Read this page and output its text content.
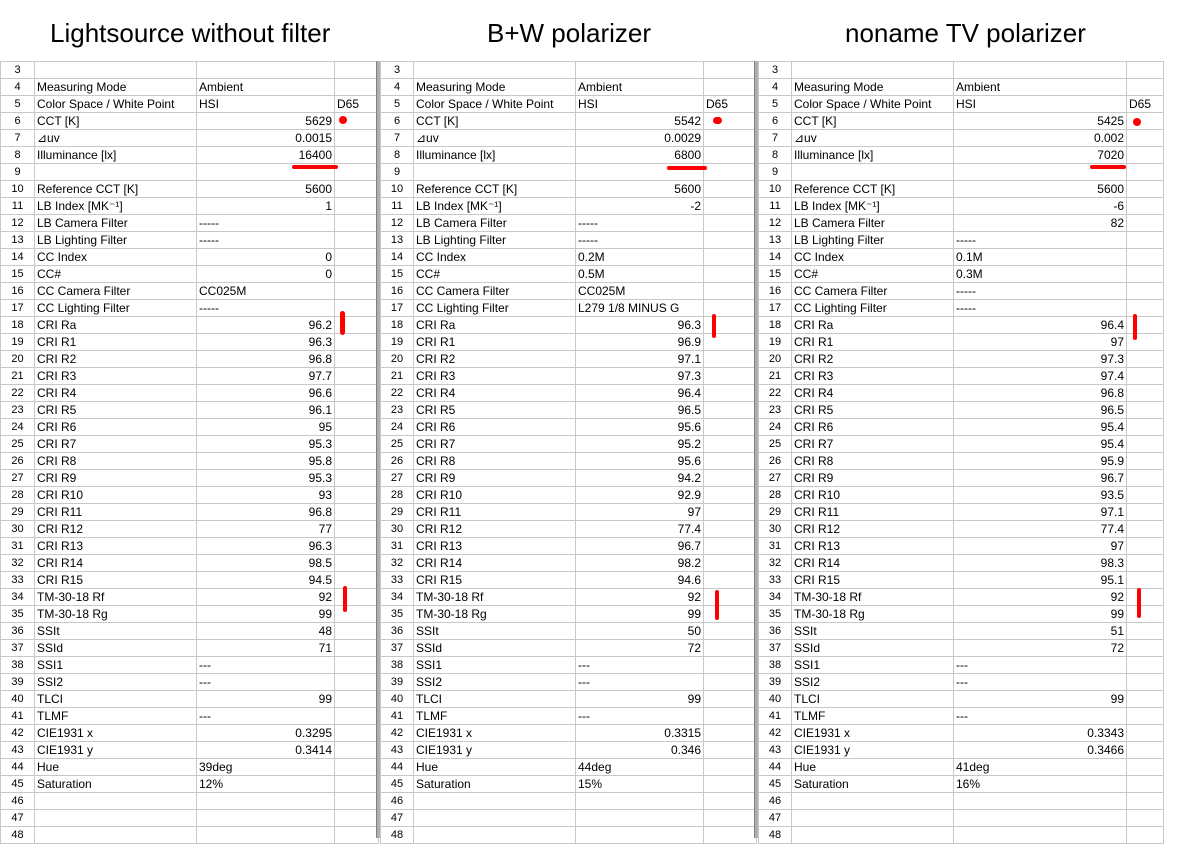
Lightsource without filter	B+W polarizer	noname TV polarizer
3			
4	Measuring Mode	Ambient	
5	Color Space / White Point	HSI	D65
6	CCT [K]	5629	
7	⊿uv	0.0015	
8	Illuminance [lx]	16400	
9			
10	Reference CCT [K]	5600	
11	LB Index [MK⁻¹]	1	
12	LB Camera Filter	-----	
13	LB Lighting Filter	-----	
14	CC Index	0	
15	CC#	0	
16	CC Camera Filter	CC025M	
17	CC Lighting Filter	-----	
18	CRI Ra	96.2	
19	CRI R1	96.3	
20	CRI R2	96.8	
21	CRI R3	97.7	
22	CRI R4	96.6	
23	CRI R5	96.1	
24	CRI R6	95	
25	CRI R7	95.3	
26	CRI R8	95.8	
27	CRI R9	95.3	
28	CRI R10	93	
29	CRI R11	96.8	
30	CRI R12	77	
31	CRI R13	96.3	
32	CRI R14	98.5	
33	CRI R15	94.5	
34	TM-30-18 Rf	92	
35	TM-30-18 Rg	99	
36	SSIt	48	
37	SSId	71	
38	SSI1	---	
39	SSI2	---	
40	TLCI	99	
41	TLMF	---	
42	CIE1931 x	0.3295	
43	CIE1931 y	0.3414	
44	Hue	39deg	
45	Saturation	12%	
46			
47			
48			
3			
4	Measuring Mode	Ambient	
5	Color Space / White Point	HSI	D65
6	CCT [K]	5542	
7	⊿uv	0.0029	
8	Illuminance [lx]	6800	
9			
10	Reference CCT [K]	5600	
11	LB Index [MK⁻¹]	-2	
12	LB Camera Filter	-----	
13	LB Lighting Filter	-----	
14	CC Index	0.2M	
15	CC#	0.5M	
16	CC Camera Filter	CC025M	
17	CC Lighting Filter	L279 1/8 MINUS G	
18	CRI Ra	96.3	
19	CRI R1	96.9	
20	CRI R2	97.1	
21	CRI R3	97.3	
22	CRI R4	96.4	
23	CRI R5	96.5	
24	CRI R6	95.6	
25	CRI R7	95.2	
26	CRI R8	95.6	
27	CRI R9	94.2	
28	CRI R10	92.9	
29	CRI R11	97	
30	CRI R12	77.4	
31	CRI R13	96.7	
32	CRI R14	98.2	
33	CRI R15	94.6	
34	TM-30-18 Rf	92	
35	TM-30-18 Rg	99	
36	SSIt	50	
37	SSId	72	
38	SSI1	---	
39	SSI2	---	
40	TLCI	99	
41	TLMF	---	
42	CIE1931 x	0.3315	
43	CIE1931 y	0.346	
44	Hue	44deg	
45	Saturation	15%	
46			
47			
48			
3			
4	Measuring Mode	Ambient	
5	Color Space / White Point	HSI	D65
6	CCT [K]	5425	
7	⊿uv	0.002	
8	Illuminance [lx]	7020	
9			
10	Reference CCT [K]	5600	
11	LB Index [MK⁻¹]	-6	
12	LB Camera Filter	82	
13	LB Lighting Filter	-----	
14	CC Index	0.1M	
15	CC#	0.3M	
16	CC Camera Filter	-----	
17	CC Lighting Filter	-----	
18	CRI Ra	96.4	
19	CRI R1	97	
20	CRI R2	97.3	
21	CRI R3	97.4	
22	CRI R4	96.8	
23	CRI R5	96.5	
24	CRI R6	95.4	
25	CRI R7	95.4	
26	CRI R8	95.9	
27	CRI R9	96.7	
28	CRI R10	93.5	
29	CRI R11	97.1	
30	CRI R12	77.4	
31	CRI R13	97	
32	CRI R14	98.3	
33	CRI R15	95.1	
34	TM-30-18 Rf	92	
35	TM-30-18 Rg	99	
36	SSIt	51	
37	SSId	72	
38	SSI1	---	
39	SSI2	---	
40	TLCI	99	
41	TLMF	---	
42	CIE1931 x	0.3343	
43	CIE1931 y	0.3466	
44	Hue	41deg	
45	Saturation	16%	
46			
47			
48			
